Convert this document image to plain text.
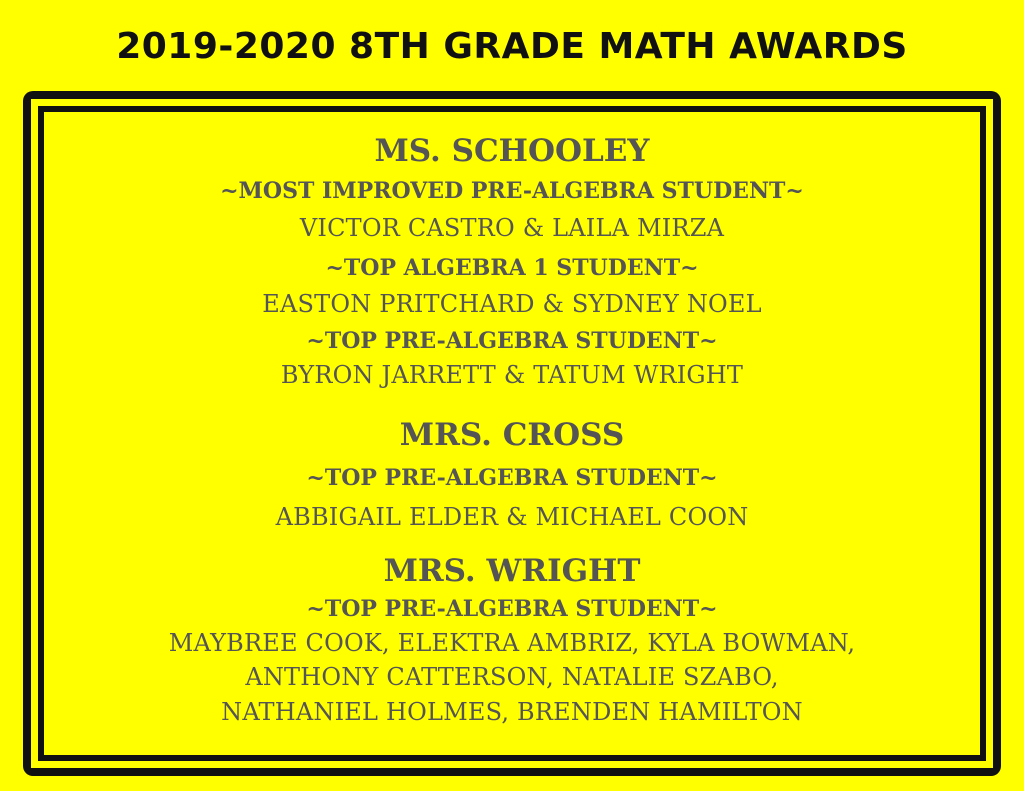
2019-2020 8TH GRADE MATH AWARDS
MS. SCHOOLEY
~MOST IMPROVED PRE-ALGEBRA STUDENT~
VICTOR CASTRO & LAILA MIRZA
~TOP ALGEBRA 1 STUDENT~
EASTON PRITCHARD & SYDNEY NOEL
~TOP PRE-ALGEBRA STUDENT~
BYRON JARRETT & TATUM WRIGHT
MRS. CROSS
~TOP PRE-ALGEBRA STUDENT~
ABBIGAIL ELDER & MICHAEL COON
MRS. WRIGHT
~TOP PRE-ALGEBRA STUDENT~
MAYBREE COOK, ELEKTRA AMBRIZ, KYLA BOWMAN,
ANTHONY CATTERSON, NATALIE SZABO,
NATHANIEL HOLMES, BRENDEN HAMILTON
